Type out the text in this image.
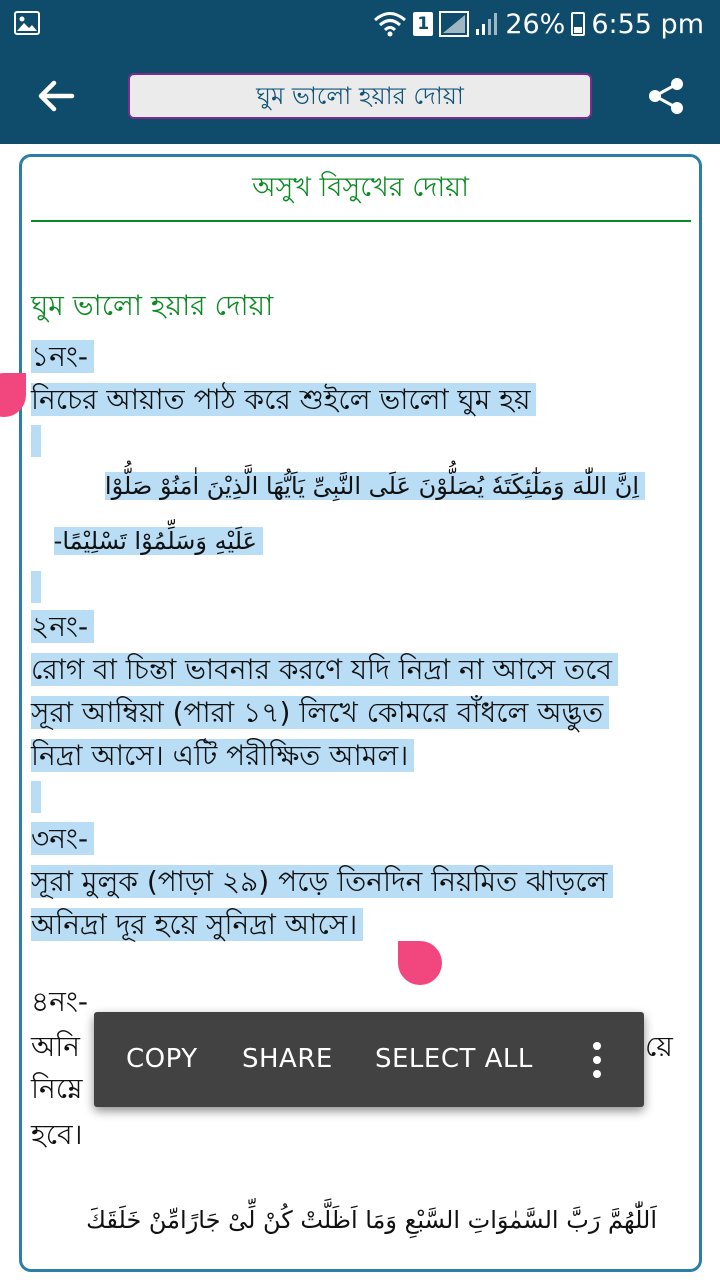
1	26% 6:55 pm
ঘুম ভালো হয়ার দোয়া
অসুখ বিসুখের দোয়া
ঘুম ভালো হয়ার দোয়া
১নং-
নিচের আয়াত পাঠ করে শুইলে ভালো ঘুম হয়
اِنَّ اللّٰهَ وَمَلٰٓئِكَتَهٗ يُصَلُّوْنَ عَلَى النَّبِىِّ يَاَيُّهَا الَّذِيْنَ اٰمَنُوْ صَلُّوْا
عَلَيْهِ وَسَلِّمُوْا تَسْلِيْمًا-
২নং-
রোগ বা চিন্তা ভাবনার করণে যদি নিদ্রা না আসে তবে
সূরা আম্বিয়া (পারা ১৭) লিখে কোমরে বাঁধলে অদ্ভুত
নিদ্রা আসে। এটি পরীক্ষিত আমল।
৩নং-
সূরা মুলুক (পাড়া ২৯) পড়ে তিনদিন নিয়মিত ঝাড়লে
অনিদ্রা দূর হয়ে সুনিদ্রা আসে।
৪নং-
অনি	য়ে
নিম্নে
হবে।
اَللّٰهُمَّ رَبَّ السَّمٰوَاتِ السَّبْعِ وَمَا اَظَلَّتْ كُنْ لِّىْ جَارًامِّنْ خَلَقَكَ
COPY SHARE SELECT ALL
